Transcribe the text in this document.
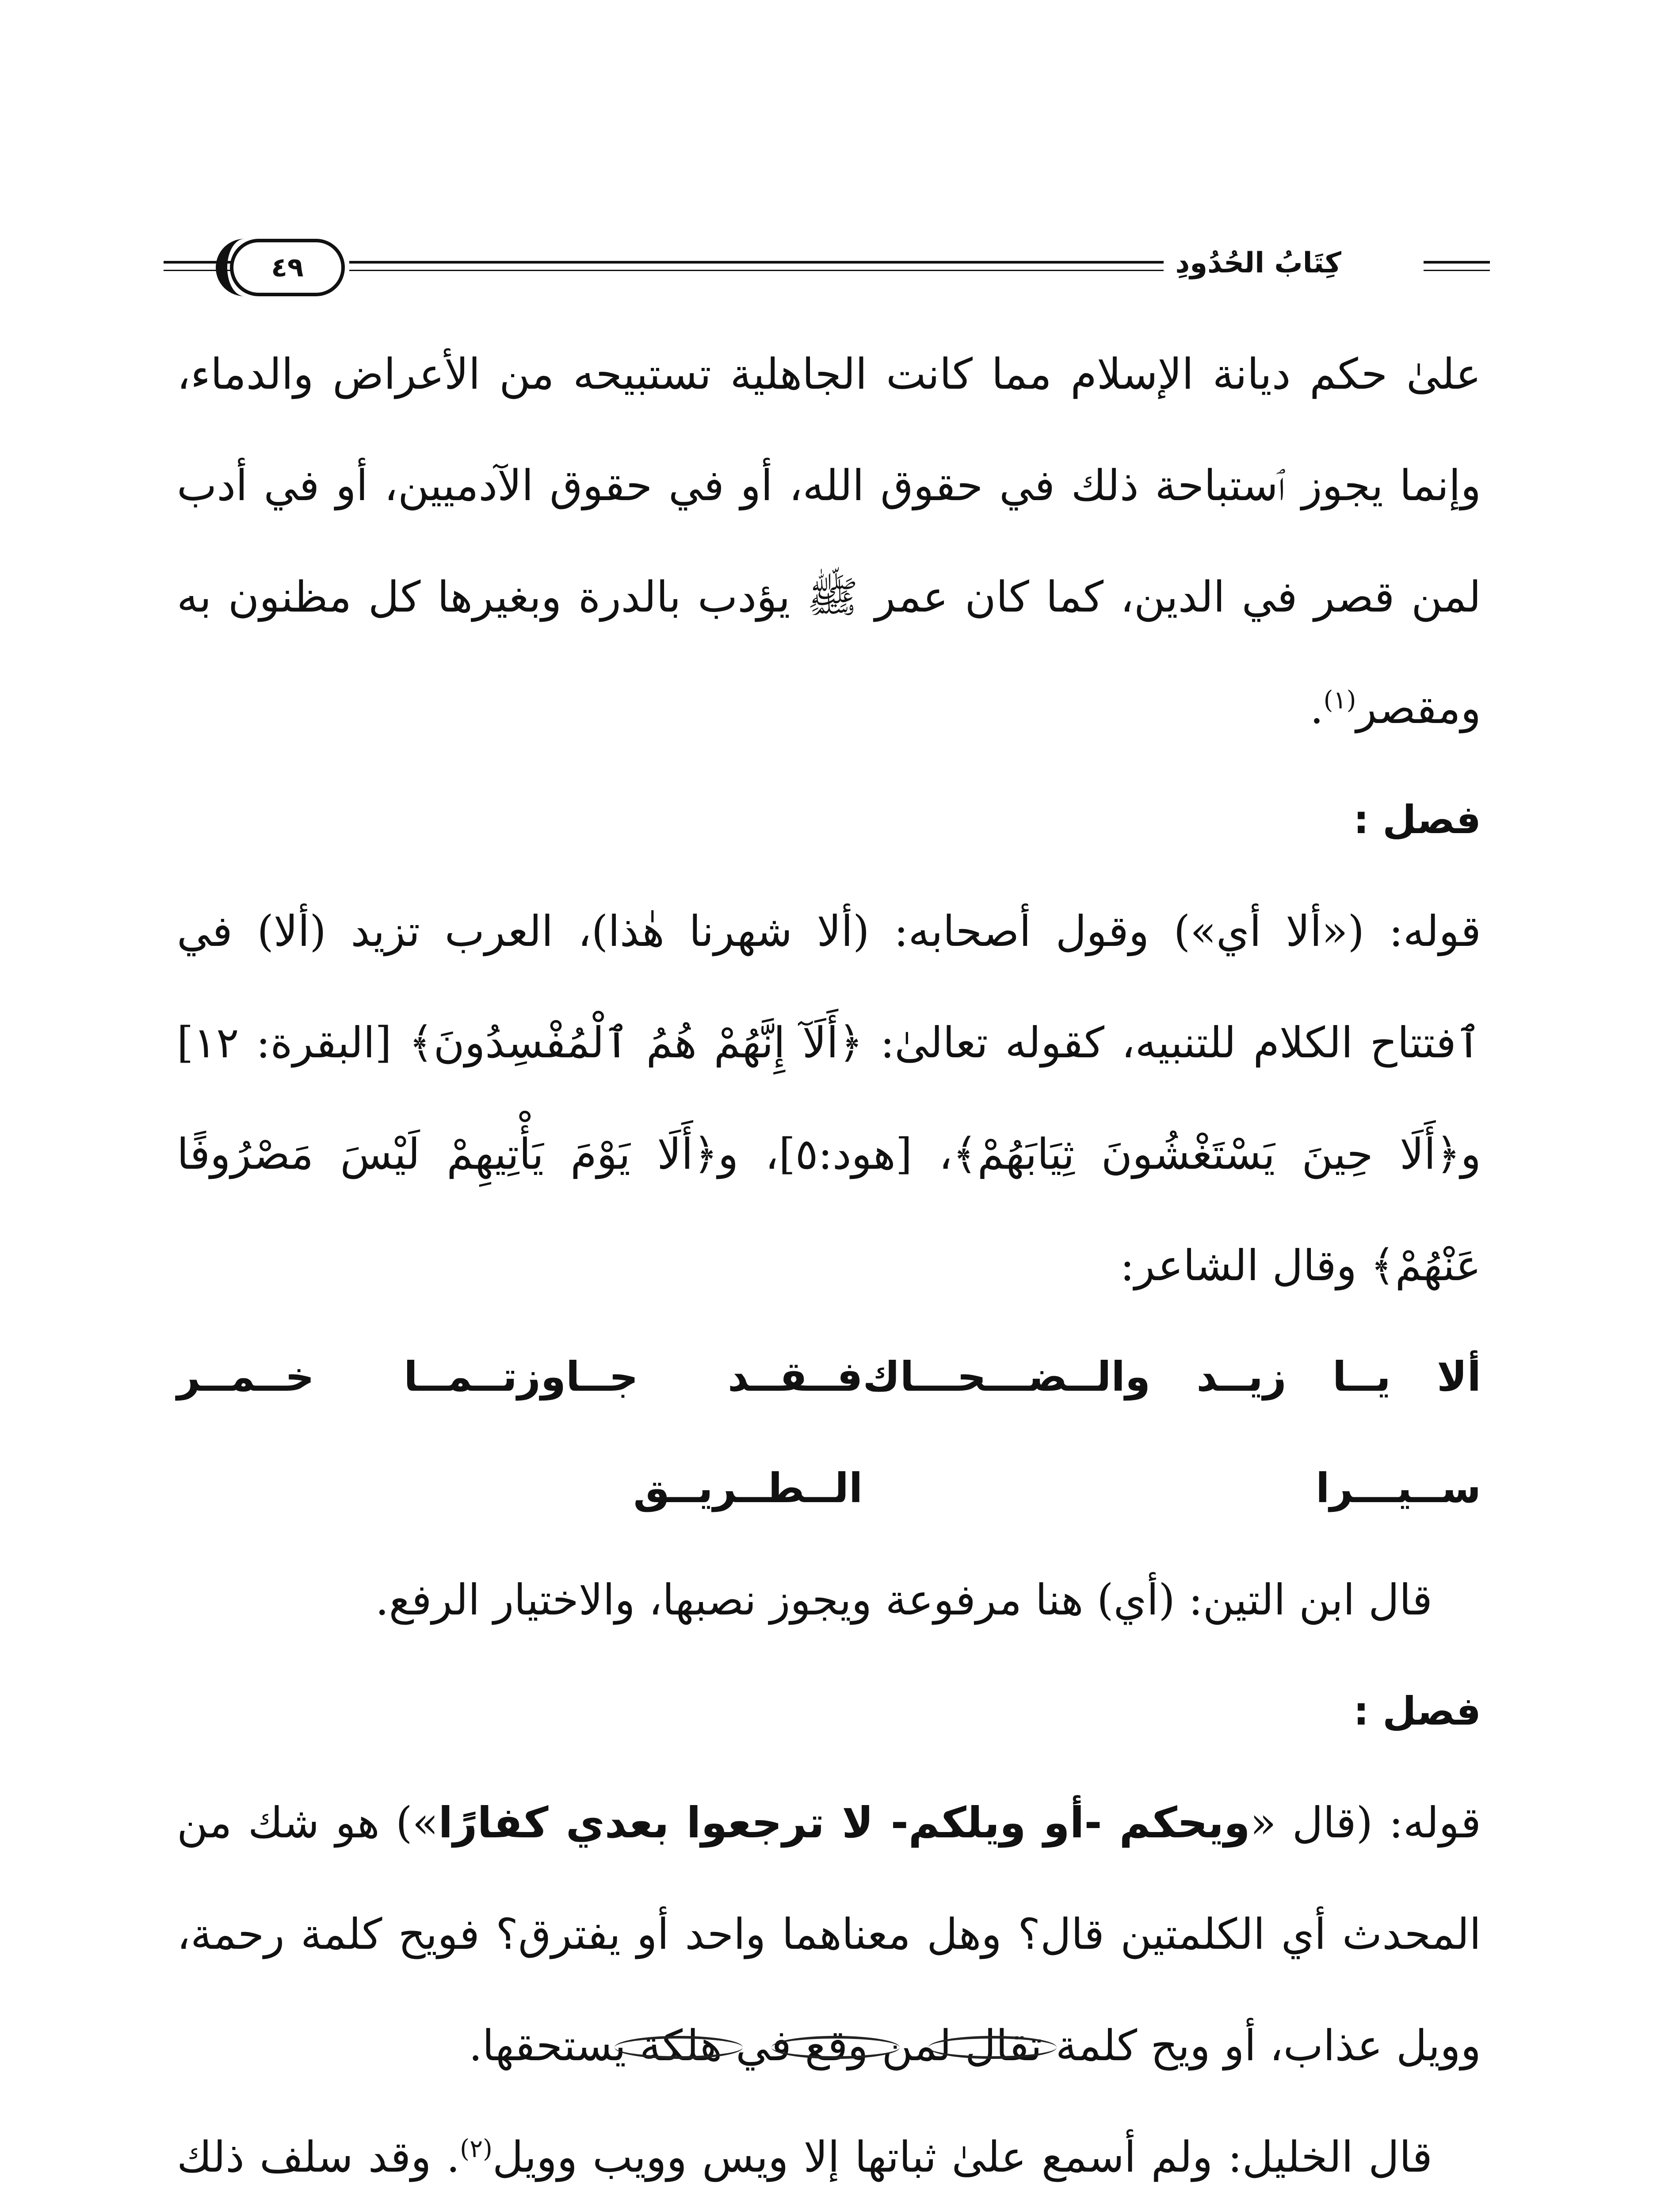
٤٩	كِتَابُ الحُدُودِ

علىٰ حكم ديانة الإسلام مما كانت الجاهلية تستبيحه من الأعراض والدماء، وإنما يجوز ٱستباحة ذلك في حقوق الله، أو في حقوق الآدميين، أو في أدب لمن قصر في الدين، كما كان عمر ﷺ يؤدب بالدرة وبغيرها كل مظنون به ومقصر$^{(١)}$.

فصل :

قوله: («ألا أي») وقول أصحابه: (ألا شهرنا هٰذا)، العرب تزيد (ألا) في ٱفتتاح الكلام للتنبيه، كقوله تعالىٰ: ﴿أَلَآ إِنَّهُمْ هُمُ ٱلْمُفْسِدُونَ﴾ [البقرة: ١٢] و﴿أَلَا حِينَ يَسْتَغْشُونَ ثِيَابَهُمْ﴾، [هود:٥]، و﴿أَلَا يَوْمَ يَأْتِيهِمْ لَيْسَ مَصْرُوفًا عَنْهُمْ﴾ وقال الشاعر:

ألا يــا زيــد والــضـــحـــاك ســيـــرا
فــقــد جــاوزتــمــا خــمــر الــطــريــق

قال ابن التين: (أي) هنا مرفوعة ويجوز نصبها، والاختيار الرفع.

فصل :

قوله: (قال «ويحكم -أو ويلكم- لا ترجعوا بعدي كفارًا») هو شك من المحدث أي الكلمتين قال؟ وهل معناهما واحد أو يفترق؟ فويح كلمة رحمة، وويل عذاب، أو ويح كلمة تقال لمن وقع في هلكة يستحقها.

قال الخليل: ولم أسمع علىٰ ثباتها إلا ويس وويب وويل$^{(٢)}$. وقد سلف ذلك
